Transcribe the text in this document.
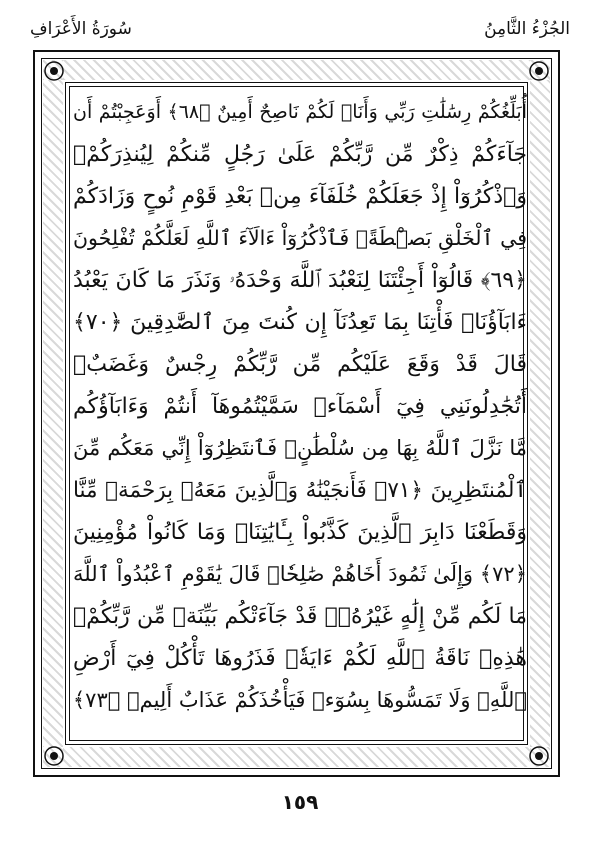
الجُزْءُ الثَّامِنُ
سُورَةُ الأَعْرَافِ
أُبَلِّغُكُمْ رِسَٰلَٰتِ رَبِّي وَأَنَا۠ لَكُمْ نَاصِحٌ أَمِينٌ ﴿٦٨﴾ أَوَعَجِبْتُمْ أَن
جَآءَكُمْ ذِكْرٌ مِّن رَّبِّكُمْ عَلَىٰ رَجُلٍ مِّنكُمْ لِيُنذِرَكُمْۚ
وَٱذْكُرُوٓاْ إِذْ جَعَلَكُمْ خُلَفَآءَ مِنۢ بَعْدِ قَوْمِ نُوحٍ وَزَادَكُمْ
فِي ٱلْخَلْقِ بَصْۜطَةًۖ فَٱذْكُرُوٓاْ ءَالَآءَ ٱللَّهِ لَعَلَّكُمْ تُفْلِحُونَ
﴿٦٩﴾ قَالُوٓاْ أَجِئْتَنَا لِنَعْبُدَ ٱللَّهَ وَحْدَهُۥ وَنَذَرَ مَا كَانَ يَعْبُدُ
ءَابَآؤُنَاۖ فَأْتِنَا بِمَا تَعِدُنَآ إِن كُنتَ مِنَ ٱلصَّٰدِقِينَ ﴿٧٠﴾
قَالَ قَدْ وَقَعَ عَلَيْكُم مِّن رَّبِّكُمْ رِجْسٌ وَغَضَبٌۖ
أَتُجَٰدِلُونَنِي فِيٓ أَسْمَآءٖ سَمَّيْتُمُوهَآ أَنتُمْ وَءَابَآؤُكُم
مَّا نَزَّلَ ٱللَّهُ بِهَا مِن سُلْطَٰنٍۚ فَٱنتَظِرُوٓاْ إِنِّي مَعَكُم مِّنَ
ٱلْمُنتَظِرِينَ ﴿٧١﴾ فَأَنجَيْنَٰهُ وَٱلَّذِينَ مَعَهُۥ بِرَحْمَةٖ مِّنَّا
وَقَطَعْنَا دَابِرَ ٱلَّذِينَ كَذَّبُواْ بِـَٔايَٰتِنَاۖ وَمَا كَانُواْ مُؤْمِنِينَ
﴿٧٢﴾ وَإِلَىٰ ثَمُودَ أَخَاهُمْ صَٰلِحٗاۚ قَالَ يَٰقَوْمِ ٱعْبُدُواْ ٱللَّهَ
مَا لَكُم مِّنْ إِلَٰهٍ غَيْرُهُۥۖ قَدْ جَآءَتْكُم بَيِّنَةٞ مِّن رَّبِّكُمْۖ
هَٰذِهِۦ نَاقَةُ ٱللَّهِ لَكُمْ ءَايَةٗۖ فَذَرُوهَا تَأْكُلْ فِيٓ أَرْضِ
ٱللَّهِۖ وَلَا تَمَسُّوهَا بِسُوٓءٖ فَيَأْخُذَكُمْ عَذَابٌ أَلِيمٞ ﴿٧٣﴾
١٥٩
